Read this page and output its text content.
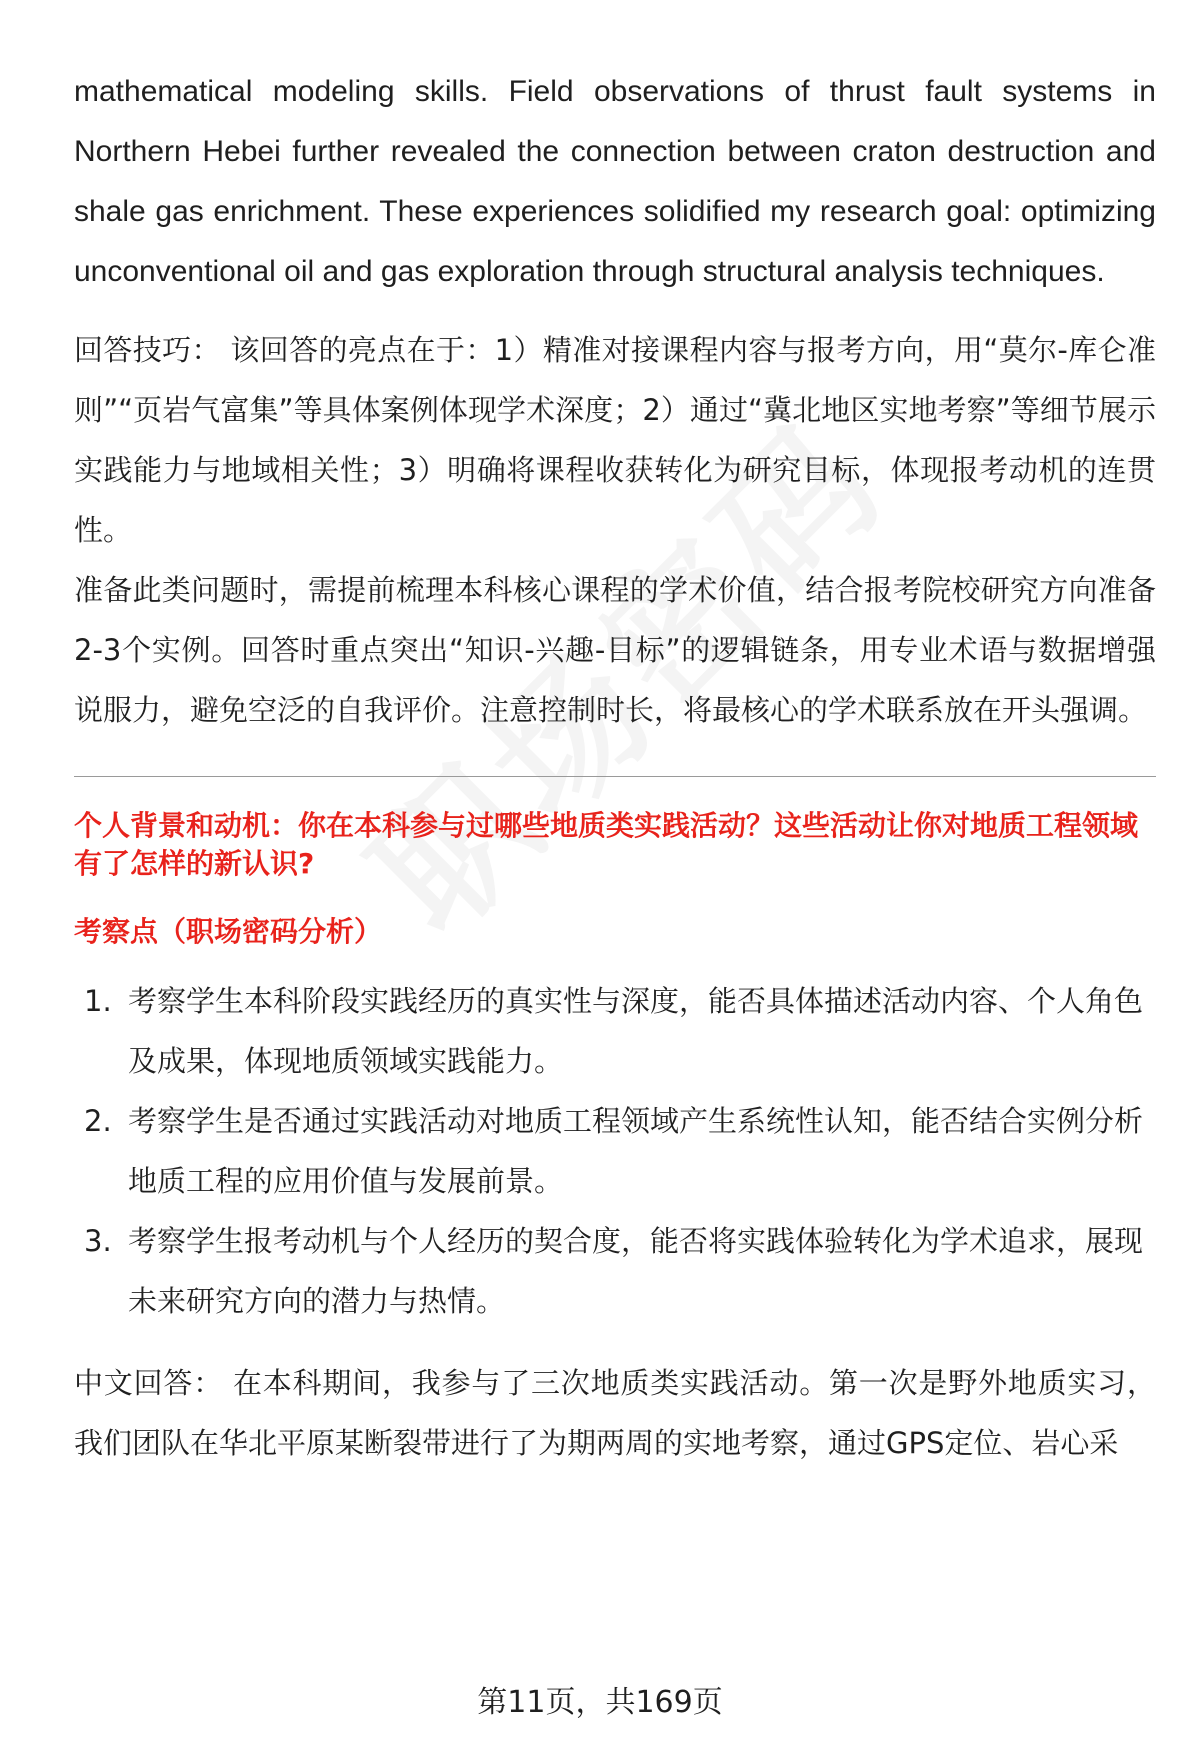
mathematical modeling skills. Field observations of thrust fault systems in Northern Hebei further revealed the connection between craton destruction and shale gas enrichment. These experiences solidified my research goal: optimizing unconventional oil and gas exploration through structural analysis techniques.

回答技巧： 该回答的亮点在于：1）精准对接课程内容与报考方向，用“莫尔-库仑准则”“页岩气富集”等具体案例体现学术深度；2）通过“冀北地区实地考察”等细节展示实践能力与地域相关性；3）明确将课程收获转化为研究目标，体现报考动机的连贯性。

准备此类问题时，需提前梳理本科核心课程的学术价值，结合报考院校研究方向准备2-3个实例。回答时重点突出“知识-兴趣-目标”的逻辑链条，用专业术语与数据增强说服力，避免空泛的自我评价。注意控制时长，将最核心的学术联系放在开头强调。

个人背景和动机：你在本科参与过哪些地质类实践活动？这些活动让你对地质工程领域有了怎样的新认识?

考察点（职场密码分析）

1. 考察学生本科阶段实践经历的真实性与深度，能否具体描述活动内容、个人角色及成果，体现地质领域实践能力。
2. 考察学生是否通过实践活动对地质工程领域产生系统性认知，能否结合实例分析地质工程的应用价值与发展前景。
3. 考察学生报考动机与个人经历的契合度，能否将实践体验转化为学术追求，展现未来研究方向的潜力与热情。

中文回答： 在本科期间，我参与了三次地质类实践活动。第一次是野外地质实习，我们团队在华北平原某断裂带进行了为期两周的实地考察，通过GPS定位、岩心采

第11页，共169页
